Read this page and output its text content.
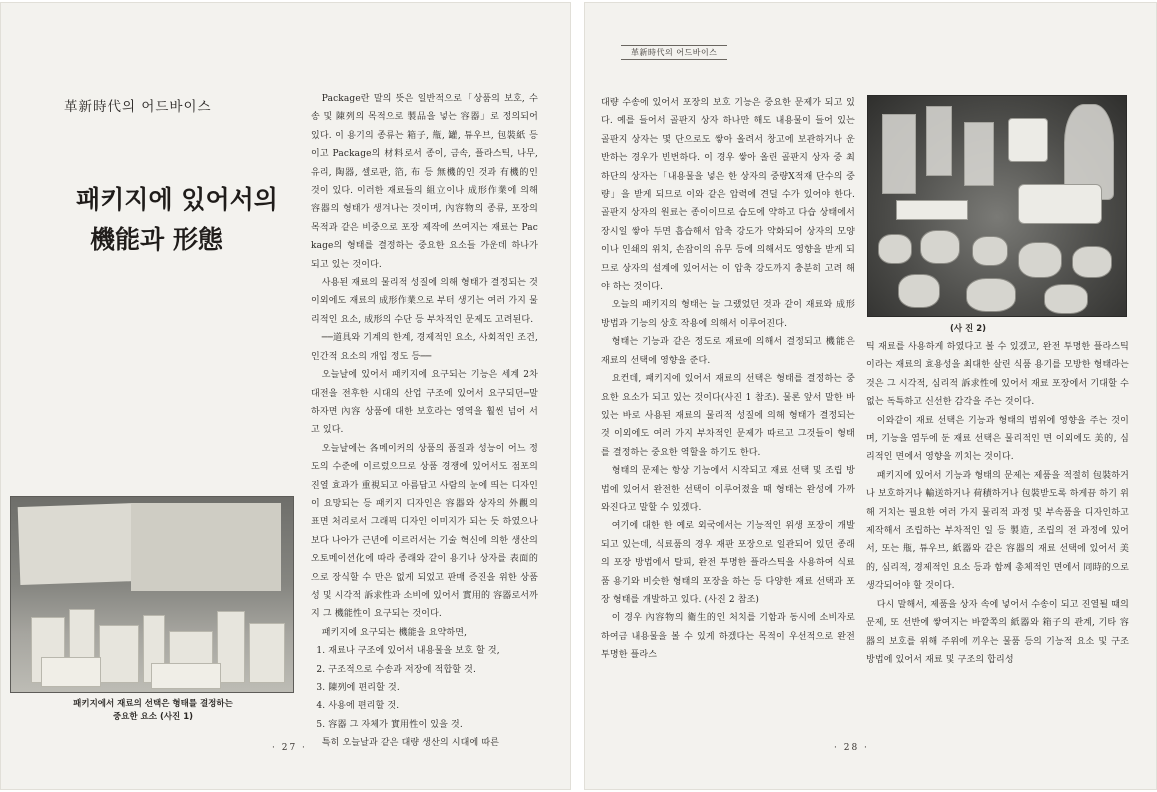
革新時代의 어드바이스
패키지에 있어서의
機能과 形態

Package란 말의 뜻은 일반적으로「상품의 보호, 수송 및 陳列의 목적으로 製品을 넣는 容器」로 정의되어 있다. 이 용기의 종류는 箱子, 甁, 罐, 튜우브, 包裝紙 등이고 Package의 材料로서 종이, 금속, 플라스틱, 나무, 유리, 陶器, 셀로판, 箔, 布 등 無機的인 것과 有機的인 것이 있다. 이러한 재료들의 組立이나 成形作業에 의해 容器의 형태가 생겨나는 것이며, 內容物의 종류, 포장의 목적과 같은 비중으로 포장 제작에 쓰여지는 재료는 Package의 형태를 결정하는 중요한 요소들 가운데 하나가 되고 있는 것이다.

사용된 재료의 물리적 성질에 의해 형태가 결정되는 것 이외에도 재료의 成形作業으로 부터 생기는 여러 가지 물리적인 요소, 成形의 수단 등 부차적인 문제도 고려된다.

──道具와 기계의 한계, 경제적인 요소, 사회적인 조건, 인간적 요소의 개입 정도 등──

오늘날에 있어서 패키지에 요구되는 기능은 세계 2차 대전을 전후한 시대의 산업 구조에 있어서 요구되던─말하자면 內容 상품에 대한 보호라는 영역을 훨씬 넘어 서고 있다.

오늘날에는 各메이커의 상품의 품질과 성능이 어느 정도의 수준에 이르렀으므로 상품 경쟁에 있어서도 점포의 진열 효과가 重視되고 아름답고 사람의 눈에 띄는 디자인이 요망되는 등 패키지 디자인은 容器와 상자의 外觀의 표면 처리로서 그래픽 디자인 이미지가 되는 듯 하였으나 보다 나아가 근년에 이르러서는 기술 혁신에 의한 생산의 오토메이션化에 따라 종래와 같이 용기나 상자를 表面的으로 장식할 수 만은 없게 되었고 판매 증진을 위한 상품성 및 시각적 訴求性과 소비에 있어서 實用的 容器로서까지 그 機能性이 요구되는 것이다.

패키지에 요구되는 機能을 요약하면,

1. 재료나 구조에 있어서 내용물을 보호 할 것,

2. 구조적으로 수송과 저장에 적합할 것.

3. 陳列에 편리할 것.

4. 사용에 편리할 것.

5. 容器 그 자체가 實用性이 있을 것.

특히 오늘날과 같은 대량 생산의 시대에 따른

패키지에서 재료의 선택은 형태를 결정하는
중요한 요소 (사진 1)
· 27 ·
革新時代의 어드바이스

대량 수송에 있어서 포장의 보호 기능은 중요한 문제가 되고 있다. 예를 들어서 골판지 상자 하나만 해도 내용물이 들어 있는 골판지 상자는 몇 단으로도 쌓아 올려서 창고에 보관하거나 운반하는 경우가 빈번하다. 이 경우 쌓아 올린 골판지 상자 중 최하단의 상자는「내용물을 넣은 한 상자의 중량X적재 단수의 중량」을 받게 되므로 이와 같은 압력에 견딜 수가 있어야 한다. 골판지 상자의 원료는 종이이므로 습도에 약하고 다습 상태에서 장시일 쌓아 두면 흡습해서 압축 강도가 약화되어 상자의 모양이나 인쇄의 위치, 손잡이의 유무 등에 의해서도 영향을 받게 되므로 상자의 설계에 있어서는 이 압축 강도까지 충분히 고려 해야 하는 것이다.

오늘의 패키지의 형태는 늘 그랬었던 것과 같이 재료와 成形 방법과 기능의 상호 작용에 의해서 이루어진다.

형태는 기능과 같은 정도로 재료에 의해서 결정되고 機能은 재료의 선택에 영향을 준다.

요컨데, 패키지에 있어서 재료의 선택은 형태를 결정하는 중요한 요소가 되고 있는 것이다(사진 1 참조). 물론 앞서 말한 바 있는 바로 사용된 재료의 물리적 성질에 의해 형태가 결정되는 것 이외에도 여러 가지 부차적인 문제가 따르고 그것들이 형태를 결정하는 중요한 역할을 하기도 한다.

형태의 문제는 항상 기능에서 시작되고 재료 선택 및 조립 방법에 있어서 완전한 선택이 이루어졌을 때 형태는 완성에 가까와진다고 말할 수 있겠다.

여기에 대한 한 예로 외국에서는 기능적인 위생 포장이 개발되고 있는데, 식료품의 경우 재판 포장으로 일관되어 있던 종래의 포장 방법에서 탈피, 완전 투명한 플라스틱을 사용하여 식료품 용기와 비슷한 형태의 포장을 하는 등 다양한 재료 선택과 포장 형태를 개발하고 있다. (사진 2 참조)

이 경우 內容物의 衛生的인 처치를 기함과 동시에 소비자로 하여금 내용물을 볼 수 있게 하겠다는 목적이 우선적으로 완전 투명한 플라스

(사 진 2)

틱 재료를 사용하게 하였다고 볼 수 있겠고, 완전 투명한 플라스틱이라는 재료의 효용성을 최대한 살린 식품 용기를 모방한 형태라는 것은 그 시각적, 심리적 訴求性에 있어서 재료 포장에서 기대할 수 없는 독특하고 신선한 감각을 주는 것이다.

이와같이 재료 선택은 기능과 형태의 범위에 영향을 주는 것이며, 기능을 염두에 둔 재료 선택은 물리적인 면 이외에도 美的, 심리적인 면에서 영향을 끼치는 것이다.

패키지에 있어서 기능과 형태의 문제는 제품을 적절히 包裝하거나 보호하거나 輸送하거나 荷積하거나 包裝받도록 하게끔 하기 위해 거치는 필요한 여러 가지 물리적 과정 및 부속품을 디자인하고 제작해서 조립하는 부차적인 일 등 製造, 조립의 전 과정에 있어서, 또는 甁, 튜우브, 紙器와 같은 容器의 재료 선택에 있어서 美的, 심리적, 경제적인 요소 등과 함께 총체적인 면에서 同時的으로 생각되어야 할 것이다.

다시 말해서, 제품을 상자 속에 넣어서 수송이 되고 진열될 때의 문제, 또 선반에 쌓여지는 바깥쪽의 紙器와 箱子의 관계, 기타 容器의 보호를 위해 주위에 끼우는 물품 등의 기능적 요소 및 구조 방법에 있어서 재료 및 구조의 합리성

· 28 ·
